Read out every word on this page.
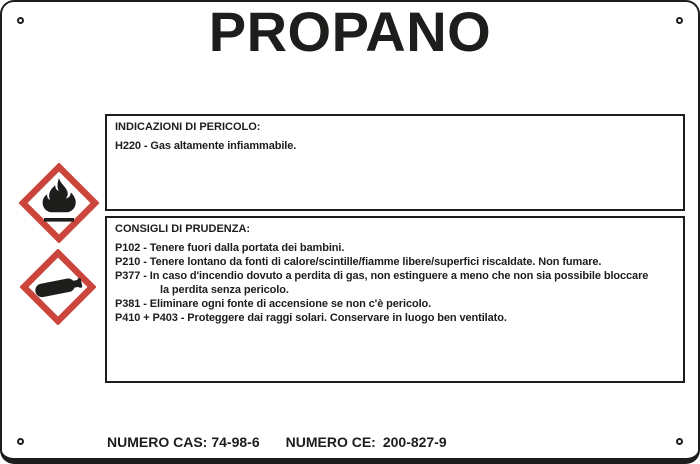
PROPANO
INDICAZIONI DI PERICOLO:
H220 - Gas altamente infiammabile.
CONSIGLI DI PRUDENZA:
P102 - Tenere fuori dalla portata dei bambini.
P210 - Tenere lontano da fonti di calore/scintille/fiamme libere/superfici riscaldate. Non fumare.
P377 - In caso d'incendio dovuto a perdita di gas, non estinguere a meno che non sia possibile bloccare
la perdita senza pericolo.
P381 - Eliminare ogni fonte di accensione se non c'è pericolo.
P410 + P403 - Proteggere dai raggi solari. Conservare in luogo ben ventilato.
NUMERO CAS: 74-98-6 NUMERO CE: 200-827-9
